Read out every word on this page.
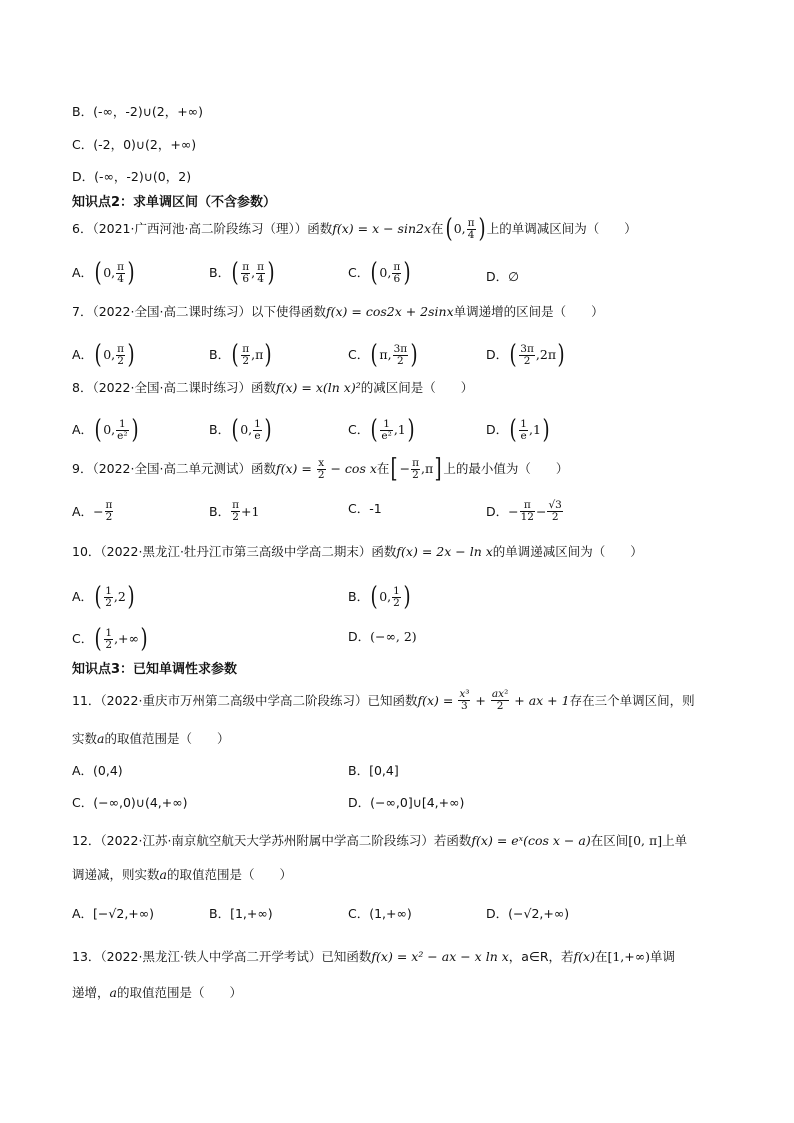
B．(-∞，-2)∪(2，+∞)
C．(-2，0)∪(2，+∞)
D．(-∞，-2)∪(0，2)
知识点2：求单调区间（不含参数）
6．（2021·广西河池·高二阶段练习（理））函数 f(x) = x − sin2x 在 ( 0, $\frac{\pi}{4}$ ) 上的单调减区间为（　　）
A． ( 0, $\frac{\pi}{4}$ )	B． ( $\frac{\pi}{6}$ , $\frac{\pi}{4}$ )	C． ( 0, $\frac{\pi}{6}$ )	D．∅
7．（2022·全国·高二课时练习）以下使得函数 f(x) = cos2x + 2sinx 单调递增的区间是（　　）
A． ( 0, $\frac{\pi}{2}$ )	B． ( $\frac{\pi}{2} ,\pi$ )	C． ( π, $\frac{3\pi}{2}$ )	D． ( $\frac{3\pi}{2} ,2\pi$ )
8．（2022·全国·高二课时练习）函数 f(x) = x(ln x)² 的减区间是（　　）
A． ( 0, $\frac{1}{\text{e²}}$ )	B． ( 0, $\frac{1}{e}$ )	C． ( $\frac{1}{\text{e²}} ,1$ )	D． ( $\frac{1}{e} ,1$ )
9．（2022·全国·高二单元测试）函数 $f(x) = \frac{x}{2} - \cos x$ 在 [ − $\frac{\pi}{2} ,\pi$ ] 上的最小值为（　　）
A． − $\frac{\pi}{2}$	B． $\frac{\pi}{2} +1$	C．-1	D． − $\frac{\pi}{12} - \frac{√3}{2}$
10．（2022·黑龙江·牡丹江市第三高级中学高二期末）函数 f(x) = 2x − ln x 的单调递减区间为（　　）
A． ( $\frac{1}{2} ,2$ )	B． ( 0, $\frac{1}{2}$ )
C． ( $\frac{1}{2}$ ,+∞ )	D．(−∞, 2)
知识点3：已知单调性求参数
11．（2022·重庆市万州第二高级中学高二阶段练习）已知函数 $f(x) = \frac{\text{x³}}{3} + \frac{\text{ax²}}{2}$ + ax + 1 存在三个单调区间，则
实数a的取值范围是（　　）
A．(0,4)	B．[0,4]
C．(−∞,0)∪(4,+∞)	D．(−∞,0]∪[4,+∞)
12．（2022·江苏·南京航空航天大学苏州附属中学高二阶段练习）若函数f(x) = eˣ(cos x − a)在区间[0, π]上单
调递减，则实数a的取值范围是（　　）
A．[−√2,+∞)	B．[1,+∞)	C．(1,+∞)	D．(−√2,+∞)
13．（2022·黑龙江·铁人中学高二开学考试）已知函数f(x) = x² − ax − x ln x，a∈R，若f(x)在[1,+∞)单调
递增，a的取值范围是（　　）
